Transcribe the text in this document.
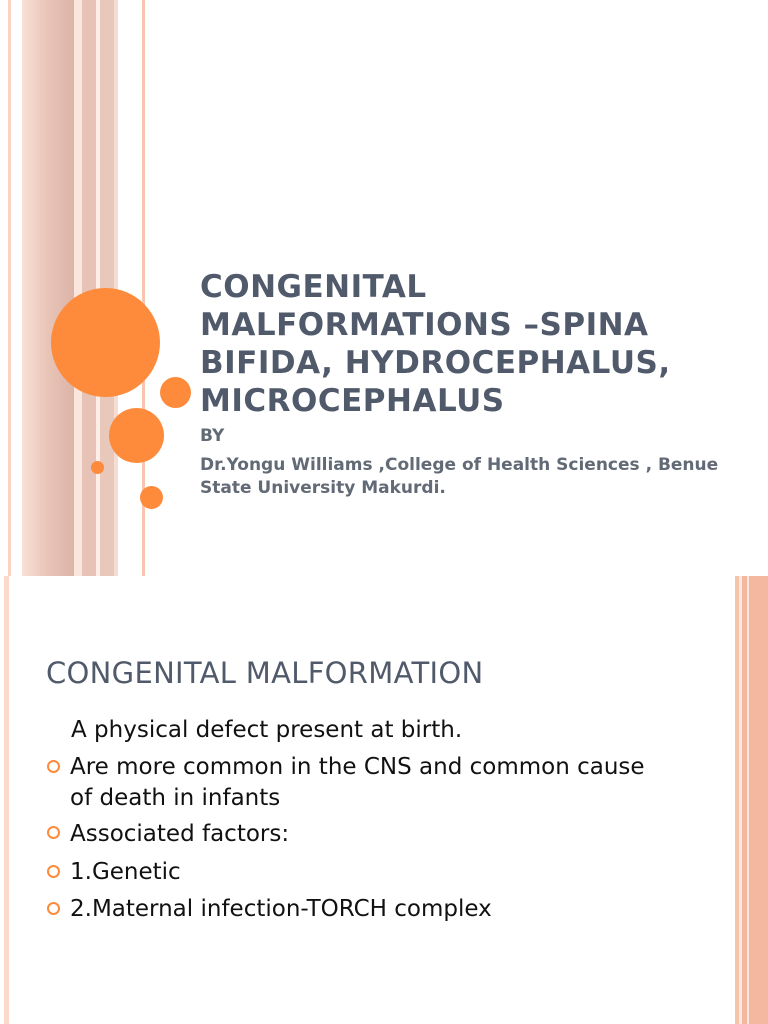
CONGENITAL MALFORMATIONS –SPINA BIFIDA, HYDROCEPHALUS, MICROCEPHALUS

BY

Dr.Yongu Williams ,College of Health Sciences , Benue State University Makurdi.

CONGENITAL MALFORMATION

A physical defect present at birth.

Are more common in the CNS and common cause of death in infants

Associated factors:

1.Genetic

2.Maternal infection-TORCH complex
